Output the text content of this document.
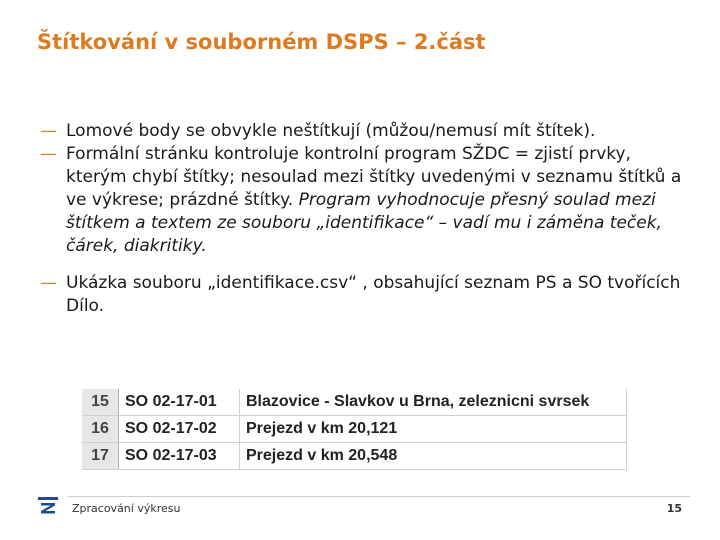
Štítkování v souborném DSPS – 2.část
— Lomové body se obvykle neštítkují (můžou/nemusí mít štítek).
— Formální stránku kontroluje kontrolní program SŽDC = zjistí prvky, kterým chybí štítky; nesoulad mezi štítky uvedenými v seznamu štítků a ve výkrese; prázdné štítky. Program vyhodnocuje přesný soulad mezi štítkem a textem ze souboru „identifikace“ – vadí mu i záměna teček, čárek, diakritiky.
— Ukázka souboru „identifikace.csv“ , obsahující seznam PS a SO tvořících Dílo.
15	SO 02-17-01	Blazovice - Slavkov u Brna, zeleznicni svrsek
16	SO 02-17-02	Prejezd v km 20,121
17	SO 02-17-03	Prejezd v km 20,548
Zpracování výkresu	15
